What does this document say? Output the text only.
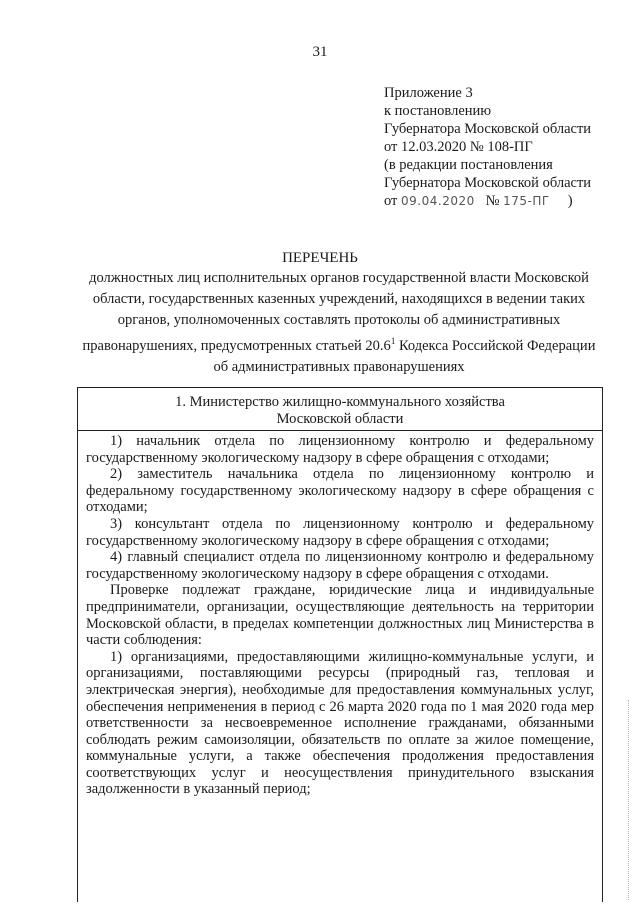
31
Приложение 3
к постановлению
Губернатора Московской области
от 12.03.2020 № 108-ПГ
(в редакции постановления
Губернатора Московской области
от 09.04.2020 № 175-ПГ )
ПЕРЕЧЕНЬ
должностных лиц исполнительных органов государственной власти Московской области, государственных казенных учреждений, находящихся в ведении таких органов, уполномоченных составлять протоколы об административных правонарушениях, предусмотренных статьей 20.6$^1$ Кодекса Российской Федерации об административных правонарушениях
1. Министерство жилищно-коммунального хозяйства
Московской области

1) начальник отдела по лицензионному контролю и федеральному государственному экологическому надзору в сфере обращения с отходами;

2) заместитель начальника отдела по лицензионному контролю и федеральному государственному экологическому надзору в сфере обращения с отходами;

3) консультант отдела по лицензионному контролю и федеральному государственному экологическому надзору в сфере обращения с отходами;

4) главный специалист отдела по лицензионному контролю и федеральному государственному экологическому надзору в сфере обращения с отходами.

Проверке подлежат граждане, юридические лица и индивидуальные предприниматели, организации, осуществляющие деятельность на территории Московской области, в пределах компетенции должностных лиц Министерства в части соблюдения:

1) организациями, предоставляющими жилищно-коммунальные услуги, и организациями, поставляющими ресурсы (природный газ, тепловая и электрическая энергия), необходимые для предоставления коммунальных услуг, обеспечения неприменения в период с 26 марта 2020 года по 1 мая 2020 года мер ответственности за несвоевременное исполнение гражданами, обязанными соблюдать режим самоизоляции, обязательств по оплате за жилое помещение, коммунальные услуги, а также обеспечения продолжения предоставления соответствующих услуг и неосуществления принудительного взыскания задолженности в указанный период;
